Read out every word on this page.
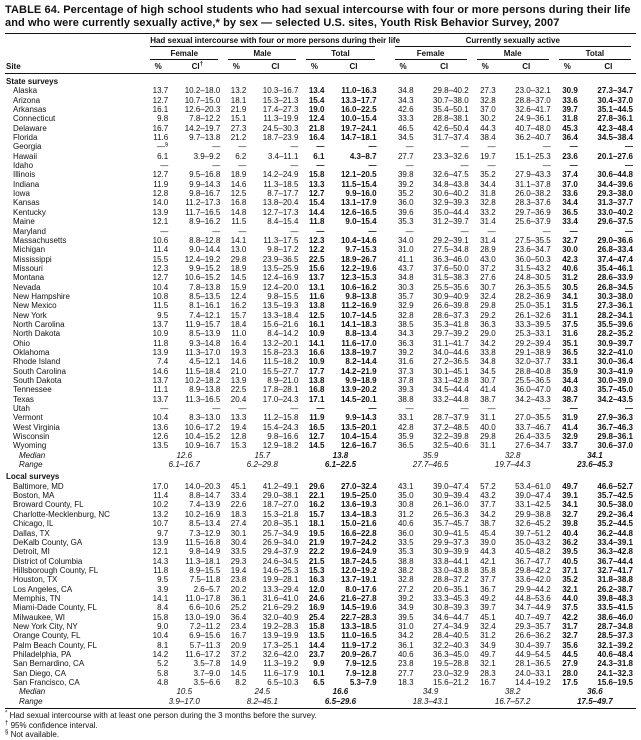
TABLE 64. Percentage of high school students who had sexual intercourse with four or more persons during their life and who were currently sexually active,* by sex — selected U.S. sites, Youth Risk Behavior Survey, 2007

	Had sexual intercourse with four or more persons during their life							Currently sexually active					

	Female		Male		Total			Female		Male		Total	

Site	%	CI†	%	CI	%	CI		%	CI	%	CI	%	CI
State surveys													
Alaska	13.7	10.2–18.0	13.2	10.3–16.7	13.4	11.0–16.3		34.8	29.8–40.2	27.3	23.0–32.1	30.9	27.3–34.7
Arizona	12.7	10.7–15.0	18.1	15.3–21.3	15.4	13.3–17.7		34.3	30.7–38.0	32.8	28.8–37.0	33.6	30.4–37.0
Arkansas	16.1	12.6–20.3	21.9	17.4–27.3	19.0	16.0–22.5		42.6	35.4–50.1	37.0	32.6–41.7	39.7	35.1–44.5
Connecticut	9.8	7.8–12.2	15.1	11.3–19.9	12.4	10.0–15.4		33.3	28.8–38.1	30.2	24.9–36.1	31.8	27.8–36.1
Delaware	16.7	14.2–19.7	27.3	24.5–30.3	21.8	19.7–24.1		46.5	42.6–50.4	44.3	40.7–48.0	45.3	42.3–48.4
Florida	11.6	9.7–13.8	21.2	18.7–23.9	16.4	14.7–18.1		34.5	31.7–37.4	38.4	36.2–40.7	36.4	34.5–38.4
Georgia	—§	—	—	—	—	—		—	—	—	—	—	—
Hawaii	6.1	3.9–9.2	6.2	3.4–11.1	6.1	4.3–8.7		27.7	23.3–32.6	19.7	15.1–25.3	23.6	20.1–27.6
Idaho	—	—	—	—	—	—		—	—	—	—	—	—
Illinois	12.7	9.5–16.8	18.9	14.2–24.9	15.8	12.1–20.5		39.8	32.6–47.5	35.2	27.9–43.3	37.4	30.6–44.8
Indiana	11.9	9.9–14.3	14.6	11.3–18.5	13.3	11.5–15.4		39.2	34.8–43.8	34.4	31.1–37.8	37.0	34.4–39.6
Iowa	12.8	9.8–16.7	12.5	8.7–17.7	12.7	9.9–16.0		35.2	30.6–40.2	31.8	26.0–38.2	33.6	29.3–38.0
Kansas	14.0	11.2–17.3	16.8	13.8–20.4	15.4	13.1–17.9		36.0	32.9–39.3	32.8	28.3–37.6	34.4	31.3–37.7
Kentucky	13.9	11.7–16.5	14.8	12.7–17.3	14.4	12.6–16.5		39.6	35.0–44.4	33.2	29.7–36.9	36.5	33.0–40.2
Maine	12.1	8.9–16.2	11.5	8.4–15.4	11.8	9.0–15.4		35.3	31.2–39.7	31.4	25.6–37.9	33.4	29.6–37.5
Maryland	—	—	—	—	—	—		—	—	—	—	—	—
Massachusetts	10.6	8.8–12.8	14.1	11.3–17.5	12.3	10.4–14.6		34.0	29.2–39.1	31.4	27.5–35.5	32.7	29.0–36.6
Michigan	11.4	9.0–14.4	13.0	9.8–17.2	12.2	9.7–15.3		31.0	27.5–34.8	28.9	23.6–34.7	30.0	26.8–33.4
Mississippi	15.5	12.4–19.2	29.8	23.9–36.5	22.5	18.9–26.7		41.1	36.3–46.0	43.0	36.0–50.3	42.3	37.4–47.4
Missouri	12.3	9.9–15.2	18.9	13.5–25.9	15.6	12.2–19.6		43.7	37.6–50.0	37.2	31.5–43.2	40.6	35.4–46.1
Montana	12.7	10.6–15.2	14.5	12.4–16.9	13.7	12.3–15.3		34.8	31.5–38.3	27.6	24.8–30.5	31.2	28.6–33.9
Nevada	10.4	7.8–13.8	15.9	12.4–20.0	13.1	10.6–16.2		30.3	25.5–35.6	30.7	26.3–35.5	30.5	26.8–34.5
New Hampshire	10.8	8.5–13.5	12.4	9.8–15.5	11.6	9.8–13.8		35.7	30.9–40.9	32.4	28.2–36.9	34.1	30.3–38.0
New Mexico	11.5	8.1–16.1	16.2	13.5–19.3	13.8	11.2–16.9		32.9	26.6–39.8	29.8	25.0–35.1	31.5	27.3–36.1
New York	9.5	7.4–12.1	15.7	13.3–18.4	12.5	10.7–14.5		32.8	28.6–37.3	29.2	26.1–32.6	31.1	28.2–34.1
North Carolina	13.7	11.9–15.7	18.4	15.6–21.6	16.1	14.1–18.3		38.5	35.3–41.8	36.3	33.3–39.5	37.5	35.5–39.6
North Dakota	10.9	8.5–13.9	11.0	8.4–14.2	10.9	8.8–13.4		34.3	29.7–39.2	29.0	25.3–33.1	31.6	28.2–35.2
Ohio	11.8	9.3–14.8	16.4	13.2–20.1	14.1	11.6–17.0		36.3	31.1–41.7	34.2	29.2–39.4	35.1	30.9–39.7
Oklahoma	13.9	11.3–17.0	19.3	15.8–23.3	16.6	13.8–19.7		39.2	34.0–44.6	33.8	29.1–38.9	36.5	32.2–41.0
Rhode Island	7.4	4.5–12.1	14.6	11.5–18.2	10.9	8.2–14.4		31.6	27.2–36.5	34.8	32.0–37.7	33.1	30.0–36.4
South Carolina	14.6	11.5–18.4	21.0	15.5–27.7	17.7	14.2–21.9		37.3	30.1–45.1	34.5	28.8–40.8	35.9	30.3–41.9
South Dakota	13.7	10.2–18.2	13.9	8.9–21.0	13.8	9.9–18.9		37.8	33.1–42.8	30.7	25.5–36.5	34.4	30.0–39.0
Tennessee	11.1	8.9–13.8	22.5	17.8–28.1	16.8	13.9–20.2		39.3	34.5–44.4	41.4	36.0–47.0	40.3	35.7–45.0
Texas	13.7	11.3–16.5	20.4	17.0–24.3	17.1	14.5–20.1		38.8	33.2–44.8	38.7	34.2–43.3	38.7	34.2–43.5
Utah	—	—	—	—	—	—		—	—	—	—	—	—
Vermont	10.4	8.3–13.0	13.3	11.2–15.8	11.9	9.9–14.3		33.1	28.7–37.9	31.1	27.0–35.5	31.9	27.9–36.3
West Virginia	13.6	10.6–17.2	19.4	15.4–24.3	16.5	13.5–20.1		42.8	37.2–48.5	40.0	33.7–46.7	41.4	36.7–46.3
Wisconsin	12.6	10.4–15.2	12.8	9.8–16.6	12.7	10.4–15.4		35.9	32.2–39.8	29.8	26.4–33.5	32.9	29.8–36.1
Wyoming	13.5	10.9–16.7	15.3	12.9–18.2	14.5	12.6–16.7		36.5	32.5–40.6	31.1	27.6–34.7	33.7	30.6–37.0
Median	12.6		15.7		13.8			35.9		32.8		34.1	
Range	6.1–16.7		6.2–29.8		6.1–22.5			27.7–46.5		19.7–44.3		23.6–45.3	
Local surveys													
Baltimore, MD	17.0	14.0–20.3	45.1	41.2–49.1	29.6	27.0–32.4		43.1	39.0–47.4	57.2	53.4–61.0	49.7	46.6–52.7
Boston, MA	11.4	8.8–14.7	33.4	29.0–38.1	22.1	19.5–25.0		35.0	30.9–39.4	43.2	39.0–47.4	39.1	35.7–42.5
Broward County, FL	10.2	7.4–13.9	22.6	18.7–27.0	16.2	13.6–19.3		30.8	26.1–36.0	37.7	33.1–42.5	34.1	30.5–38.0
Charlotte-Mecklenburg, NC	13.2	10.2–16.9	18.3	15.3–21.8	15.7	13.4–18.3		31.2	26.5–36.3	34.2	29.9–38.8	32.7	29.2–36.4
Chicago, IL	10.7	8.5–13.4	27.4	20.8–35.1	18.1	15.0–21.6		40.6	35.7–45.7	38.7	32.6–45.2	39.8	35.2–44.5
Dallas, TX	9.7	7.3–12.9	30.1	25.7–34.9	19.5	16.6–22.8		36.0	30.9–41.5	45.4	39.7–51.2	40.4	36.2–44.8
DeKalb County, GA	13.9	11.5–16.8	30.4	26.9–34.0	21.9	19.7–24.2		33.5	29.9–37.3	39.0	35.0–43.2	36.2	33.4–39.1
Detroit, MI	12.1	9.8–14.9	33.5	29.4–37.9	22.2	19.6–24.9		35.3	30.9–39.9	44.3	40.5–48.2	39.5	36.3–42.8
District of Columbia	14.3	11.3–18.1	29.3	24.6–34.5	21.5	18.7–24.5		38.8	33.8–44.1	42.1	36.7–47.7	40.5	36.7–44.4
Hillsborough County, FL	11.8	8.9–15.5	19.4	14.6–25.3	15.3	12.0–19.2		38.2	33.0–43.8	35.8	29.8–42.2	37.1	32.7–41.7
Houston, TX	9.5	7.5–11.8	23.8	19.9–28.1	16.3	13.7–19.1		32.8	28.8–37.2	37.7	33.6–42.0	35.2	31.8–38.8
Los Angeles, CA	3.9	2.6–5.7	20.2	13.3–29.4	12.0	8.0–17.6		27.2	20.6–35.1	36.7	29.9–44.2	32.1	26.2–38.7
Memphis, TN	14.1	11.0–17.8	36.1	31.6–41.0	24.6	21.6–27.8		39.2	33.3–45.3	49.2	44.8–53.6	44.0	39.8–48.3
Miami-Dade County, FL	8.4	6.6–10.6	25.2	21.6–29.2	16.9	14.5–19.6		34.9	30.8–39.3	39.7	34.7–44.9	37.5	33.5–41.5
Milwaukee, WI	15.8	13.0–19.0	36.4	32.0–40.9	25.4	22.7–28.3		39.5	34.6–44.7	45.1	40.7–49.7	42.2	38.6–46.0
New York City, NY	9.0	7.2–11.2	23.4	19.2–28.3	15.8	13.3–18.5		31.0	27.4–34.9	32.4	29.3–35.7	31.7	28.7–34.8
Orange County, FL	10.4	6.9–15.6	16.7	13.9–19.9	13.5	11.0–16.5		34.2	28.4–40.5	31.2	26.6–36.2	32.7	28.5–37.3
Palm Beach County, FL	8.1	5.7–11.3	20.9	17.3–25.1	14.4	11.9–17.2		36.1	32.2–40.3	34.9	30.4–39.7	35.6	32.1–39.2
Philadelphia, PA	14.2	11.6–17.2	37.2	32.6–42.0	23.7	20.9–26.7		40.6	36.3–45.0	49.7	44.9–54.5	44.5	40.6–48.4
San Bernardino, CA	5.2	3.5–7.8	14.9	11.3–19.2	9.9	7.9–12.5		23.8	19.5–28.8	32.1	28.1–36.5	27.9	24.3–31.8
San Diego, CA	5.8	3.7–9.0	14.5	11.6–17.9	10.1	7.9–12.8		27.7	23.0–32.9	28.3	24.0–33.1	28.0	24.1–32.3
San Francisco, CA	4.8	3.5–6.6	8.2	6.5–10.3	6.5	5.3–7.9		18.3	15.6–21.2	16.7	14.4–19.2	17.5	15.6–19.5
Median	10.5		24.5		16.6			34.9		38.2		36.6	
Range	3.9–17.0		8.2–45.1		6.5–29.6			18.3–43.1		16.7–57.2		17.5–49.7	
* Had sexual intercourse with at least one person during the 3 months before the survey.
† 95% confidence interval.
§ Not available.
